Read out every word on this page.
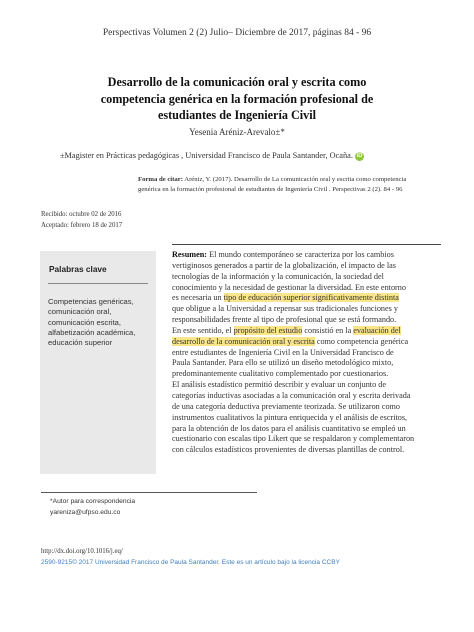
Perspectivas Volumen 2 (2) Julio– Diciembre de 2017, páginas 84 - 96
Desarrollo de la comunicación oral y escrita como
competencia genérica en la formación profesional de
estudiantes de Ingeniería Civil
Yesenia Aréniz-Arevalo±*
±Magister en Prácticas pedagógicas , Universidad Francisco de Paula Santander, Ocaña. iD
Forma de citar: Aréniz, Y. (2017). Desarrollo de La comunicación oral y escrita como competencia
genérica en la formación profesional de estudiantes de Ingeniería Civil . Perspectivas 2 (2). 84 - 96
Recibido: octubre 02 de 2016
Aceptado: febrero 18 de 2017
Palabras clave
Competencias genéricas, comunicación oral, comunicación escrita, alfabetización académica, educación superior
Resumen: El mundo contemporáneo se caracteriza por los cambios
vertiginosos generados a partir de la globalización, el impacto de las
tecnologías de la información y la comunicación, la sociedad del
conocimiento y la necesidad de gestionar la diversidad. En este entorno
es necesaria un tipo de educación superior significativamente distinta
que obligue a la Universidad a repensar sus tradicionales funciones y
responsabilidades frente al tipo de profesional que se está formando.
En este sentido, el propósito del estudio consistió en la evaluación del
desarrollo de la comunicación oral y escrita como competencia genérica
entre estudiantes de Ingeniería Civil en la Universidad Francisco de
Paula Santander. Para ello se utilizó un diseño metodológico mixto,
predominantemente cualitativo complementado por cuestionarios.
El análisis estadístico permitió describir y evaluar un conjunto de
categorías inductivas asociadas a la comunicación oral y escrita derivada
de una categoría deductiva previamente teorizada. Se utilizaron como
instrumentos cualitativos la pintura enriquecida y el análisis de escritos,
para la obtención de los datos para el análisis cuantitativo se empleó un
cuestionario con escalas tipo Likert que se respaldaron y complementaron
con cálculos estadísticos provenientes de diversas plantillas de control.
*Autor para correspondencia
yareniza@ufpso.edu.co
http://dx.doi.org/10.1016/j.eq/
2590-9215© 2017 Universidad Francisco de Paula Santander. Este es un artículo bajo la licencia CCBY
